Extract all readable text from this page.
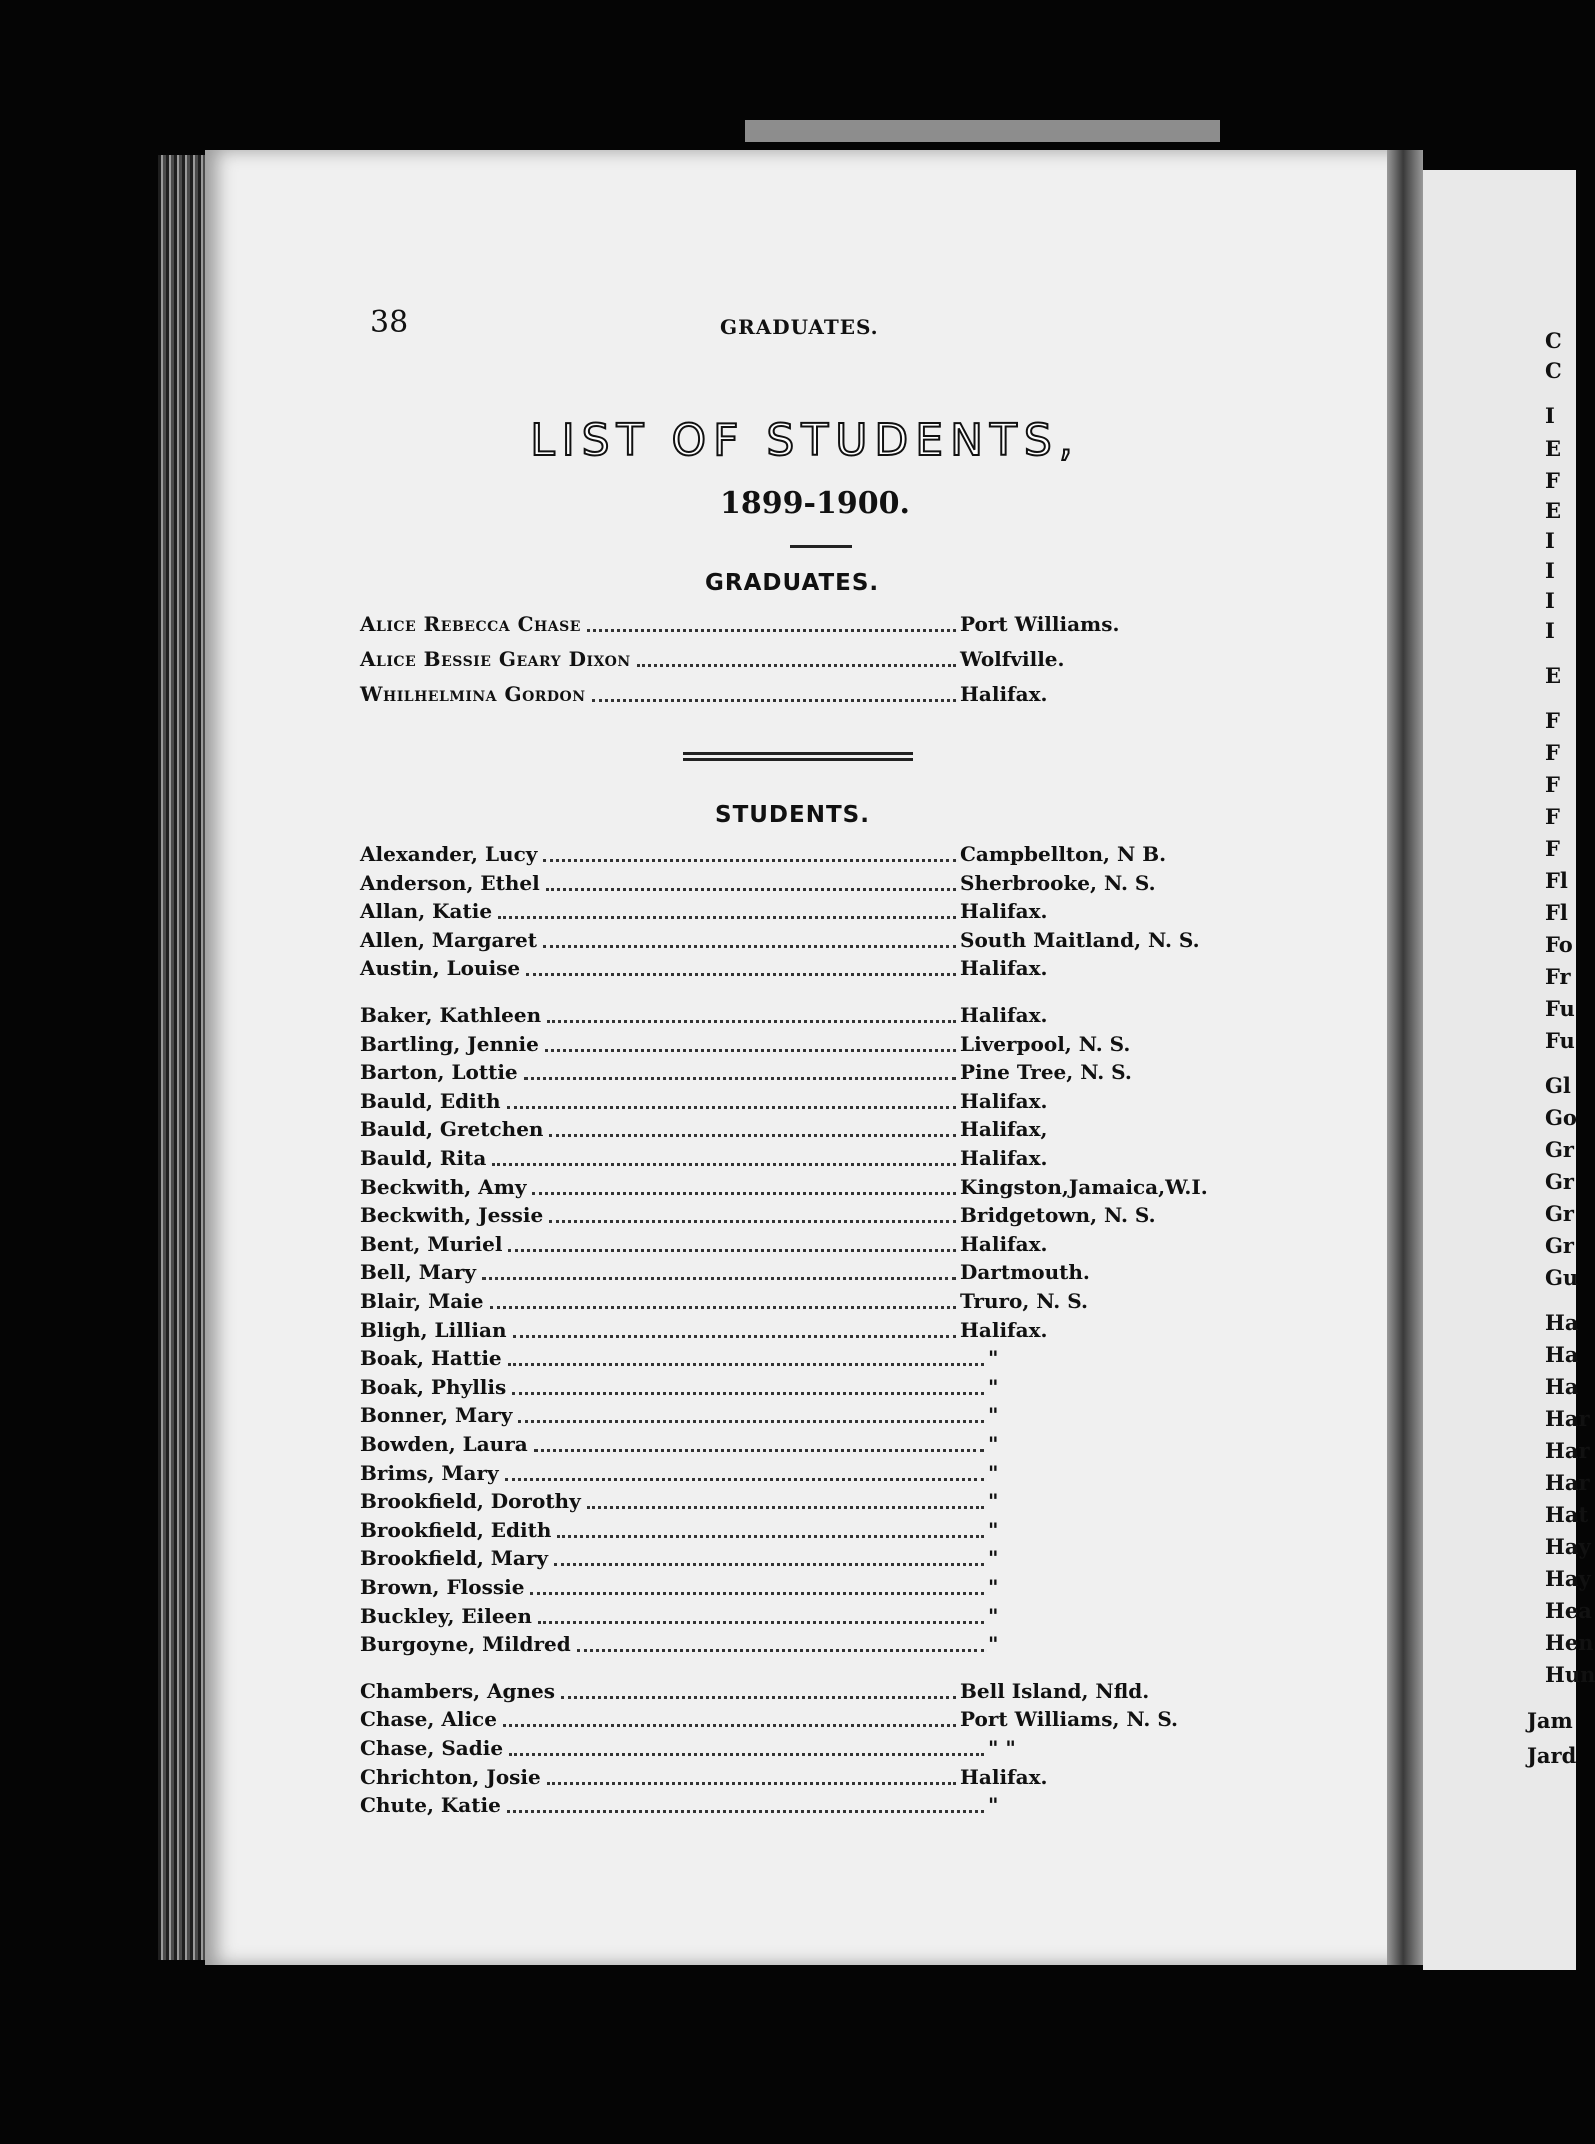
C
C
I
E
F
E
I
I
I
I
E
F
F
F
F
F
Fl
Fl
Fo
Fr
Fu
Fu
Gl
Go
Gr
Gr
Gr
Gr
Gu
Ha
Ha
Ha
Har
Har
Har
Hat
Hay
Hay
Hea
Hen
Hun
Jam
Jard
38	GRADUATES.
LIST OF STUDENTS,
1899-1900.
GRADUATES.
STUDENTS.
Alice Rebecca Chase	Port Williams.
Alice Bessie Geary Dixon	Wolfville.
Whilhelmina Gordon	Halifax.
Alexander, Lucy	Campbellton, N B.
Anderson, Ethel	Sherbrooke, N. S.
Allan, Katie	Halifax.
Allen, Margaret	South Maitland, N. S.
Austin, Louise	Halifax.
Baker, Kathleen	Halifax.
Bartling, Jennie	Liverpool, N. S.
Barton, Lottie	Pine Tree, N. S.
Bauld, Edith	Halifax.
Bauld, Gretchen	Halifax,
Bauld, Rita	Halifax.
Beckwith, Amy	Kingston,Jamaica,W.I.
Beckwith, Jessie	Bridgetown, N. S.
Bent, Muriel	Halifax.
Bell, Mary	Dartmouth.
Blair, Maie	Truro, N. S.
Bligh, Lillian	Halifax.
Boak, Hattie	"
Boak, Phyllis	"
Bonner, Mary	"
Bowden, Laura	"
Brims, Mary	"
Brookfield, Dorothy	"
Brookfield, Edith	"
Brookfield, Mary	"
Brown, Flossie	"
Buckley, Eileen	"
Burgoyne, Mildred	"
Chambers, Agnes	Bell Island, Nfld.
Chase, Alice	Port Williams, N. S.
Chase, Sadie	" "
Chrichton, Josie	Halifax.
Chute, Katie	"
